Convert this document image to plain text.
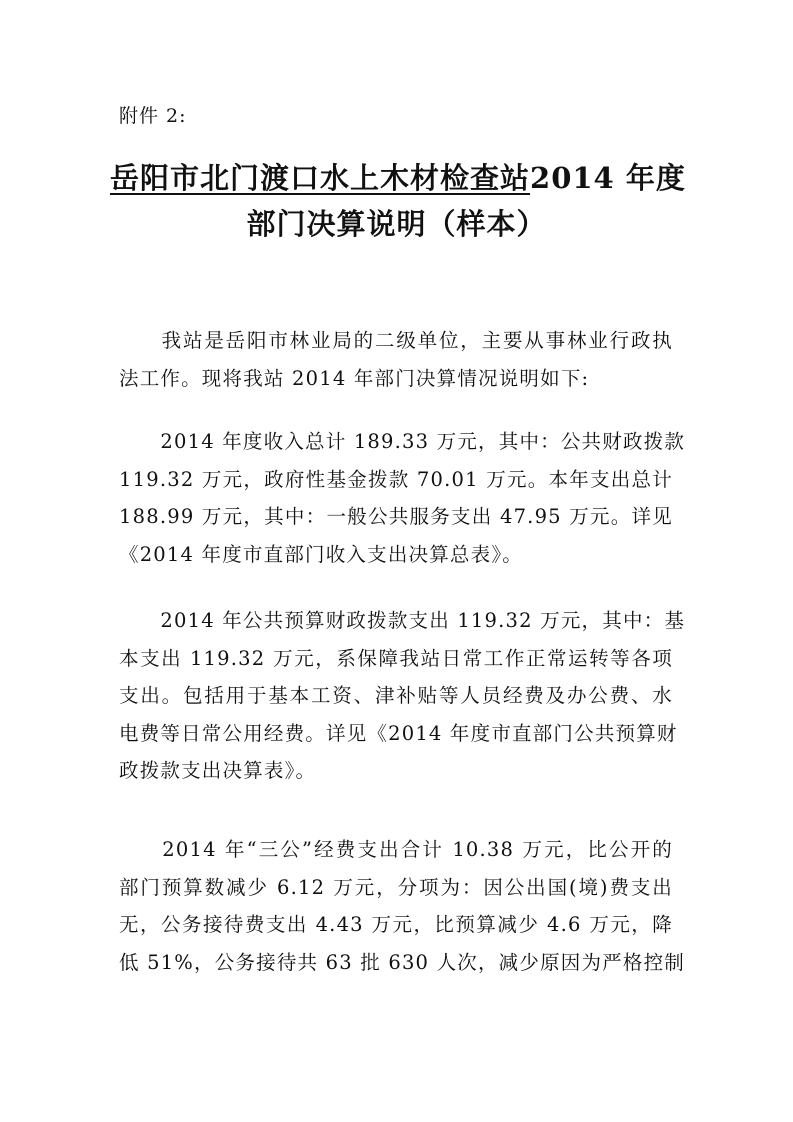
附件 2:
岳阳市北门渡口水上木材检查站2014 年度
部门决算说明（样本）
　　我站是岳阳市林业局的二级单位，主要从事林业行政执
法工作。现将我站 2014 年部门决算情况说明如下:
　　2014 年度收入总计 189.33 万元，其中：公共财政拨款
119.32 万元，政府性基金拨款 70.01 万元。本年支出总计
188.99 万元，其中：一般公共服务支出 47.95 万元。详见
《2014 年度市直部门收入支出决算总表》。
　　2014 年公共预算财政拨款支出 119.32 万元，其中：基
本支出 119.32 万元，系保障我站日常工作正常运转等各项
支出。包括用于基本工资、津补贴等人员经费及办公费、水
电费等日常公用经费。详见《2014 年度市直部门公共预算财
政拨款支出决算表》。
　　2014 年“三公”经费支出合计 10.38 万元，比公开的
部门预算数减少 6.12 万元，分项为：因公出国(境)费支出
无，公务接待费支出 4.43 万元，比预算减少 4.6 万元，降
低 51%，公务接待共 63 批 630 人次，减少原因为严格控制
